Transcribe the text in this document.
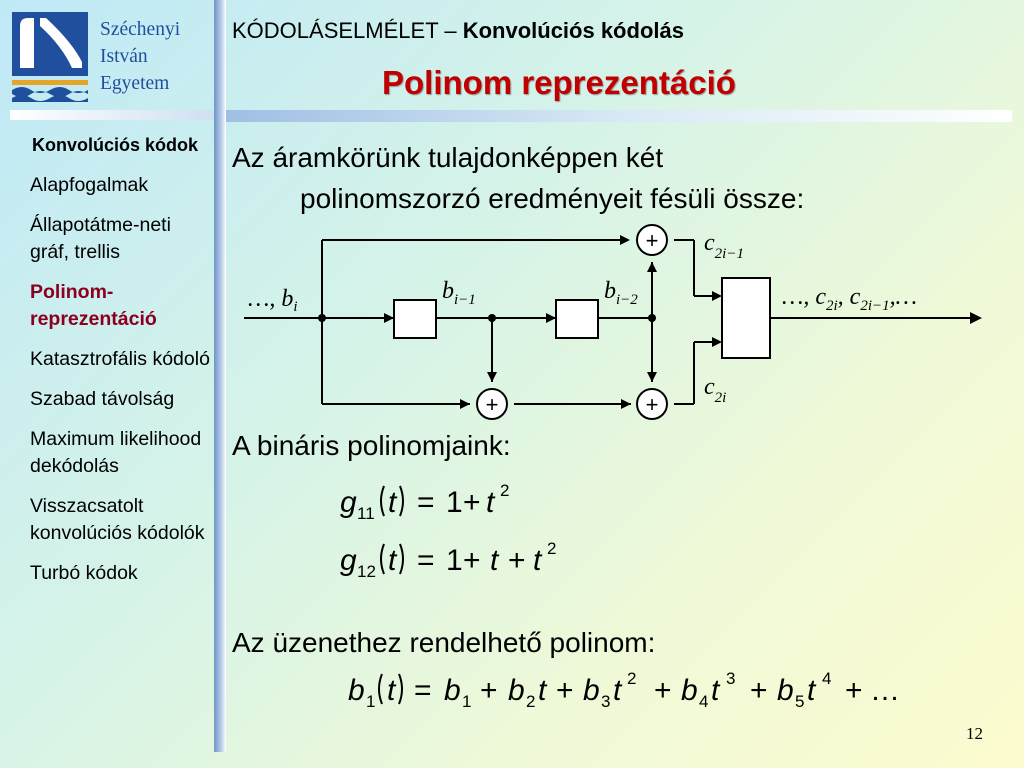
Széchenyi
István
Egyetem
KÓDOLÁSELMÉLET – Konvolúciós kódolás
Polinom reprezentáció
Konvolúciós kódok
Alapfogalmak
Állapotátme-neti gráf, trellis
Polinom-reprezentáció
Katasztrofális kódoló
Szabad távolság
Maximum likelihood dekódolás
Visszacsatolt konvolúciós kódolók
Turbó kódok
Az áramkörünk tulajdonképpen két
polinomszorzó eredményeit fésüli össze:
A bináris polinomjaink:
Az üzenethez rendelhető polinom:
+
+	+
…, $b_i$
$b_{i-1}$	$b_{i-2}$
$c_{2i-1}$
$c_{2i}$
…, $c_{2i}$, $c_{2i-1},\dots$
g 11 t = 1 + t 2
g 12 t = 1 + t + t 2
b 1 t = b 1 + b 2 t + b 3 t 2 + b 4 t 3 + b 5 t 4 + …
12
